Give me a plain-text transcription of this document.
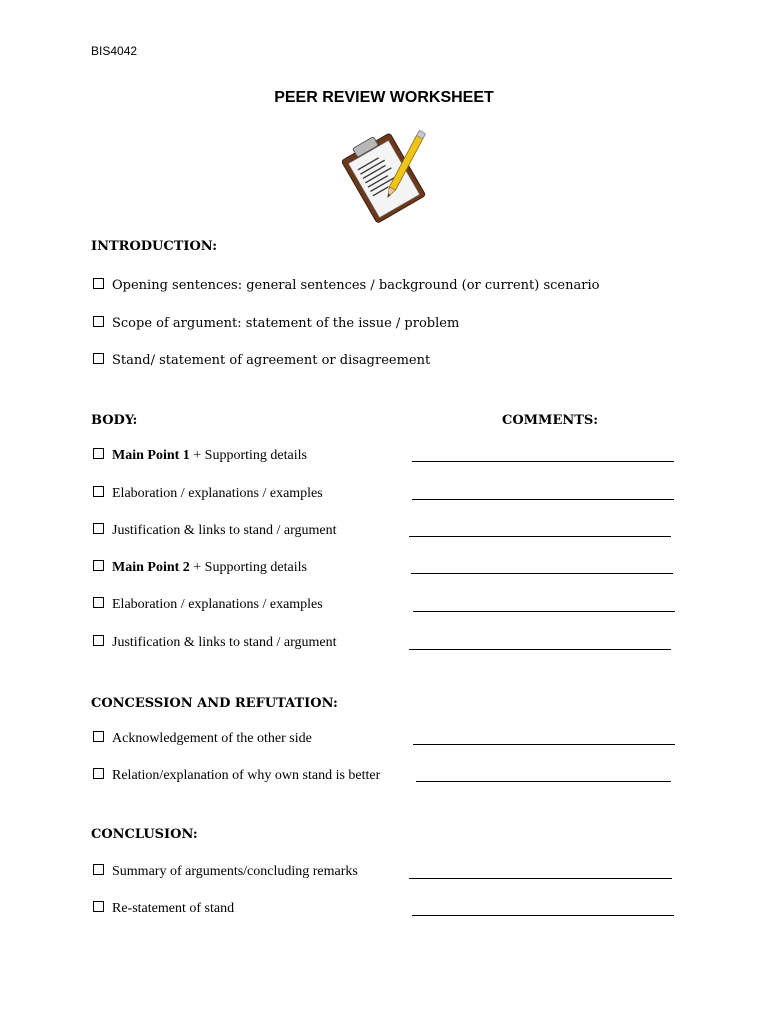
BIS4042
PEER REVIEW WORKSHEET
INTRODUCTION:
Opening sentences: general sentences / background (or current) scenario
Scope of argument: statement of the issue / problem
Stand/ statement of agreement or disagreement
BODY:	COMMENTS:
Main Point 1 + Supporting details
Elaboration / explanations / examples
Justification & links to stand / argument
Main Point 2 + Supporting details
Elaboration / explanations / examples
Justification & links to stand / argument
CONCESSION AND REFUTATION:
Acknowledgement of the other side
Relation/explanation of why own stand is better
CONCLUSION:
Summary of arguments/concluding remarks
Re-statement of stand
